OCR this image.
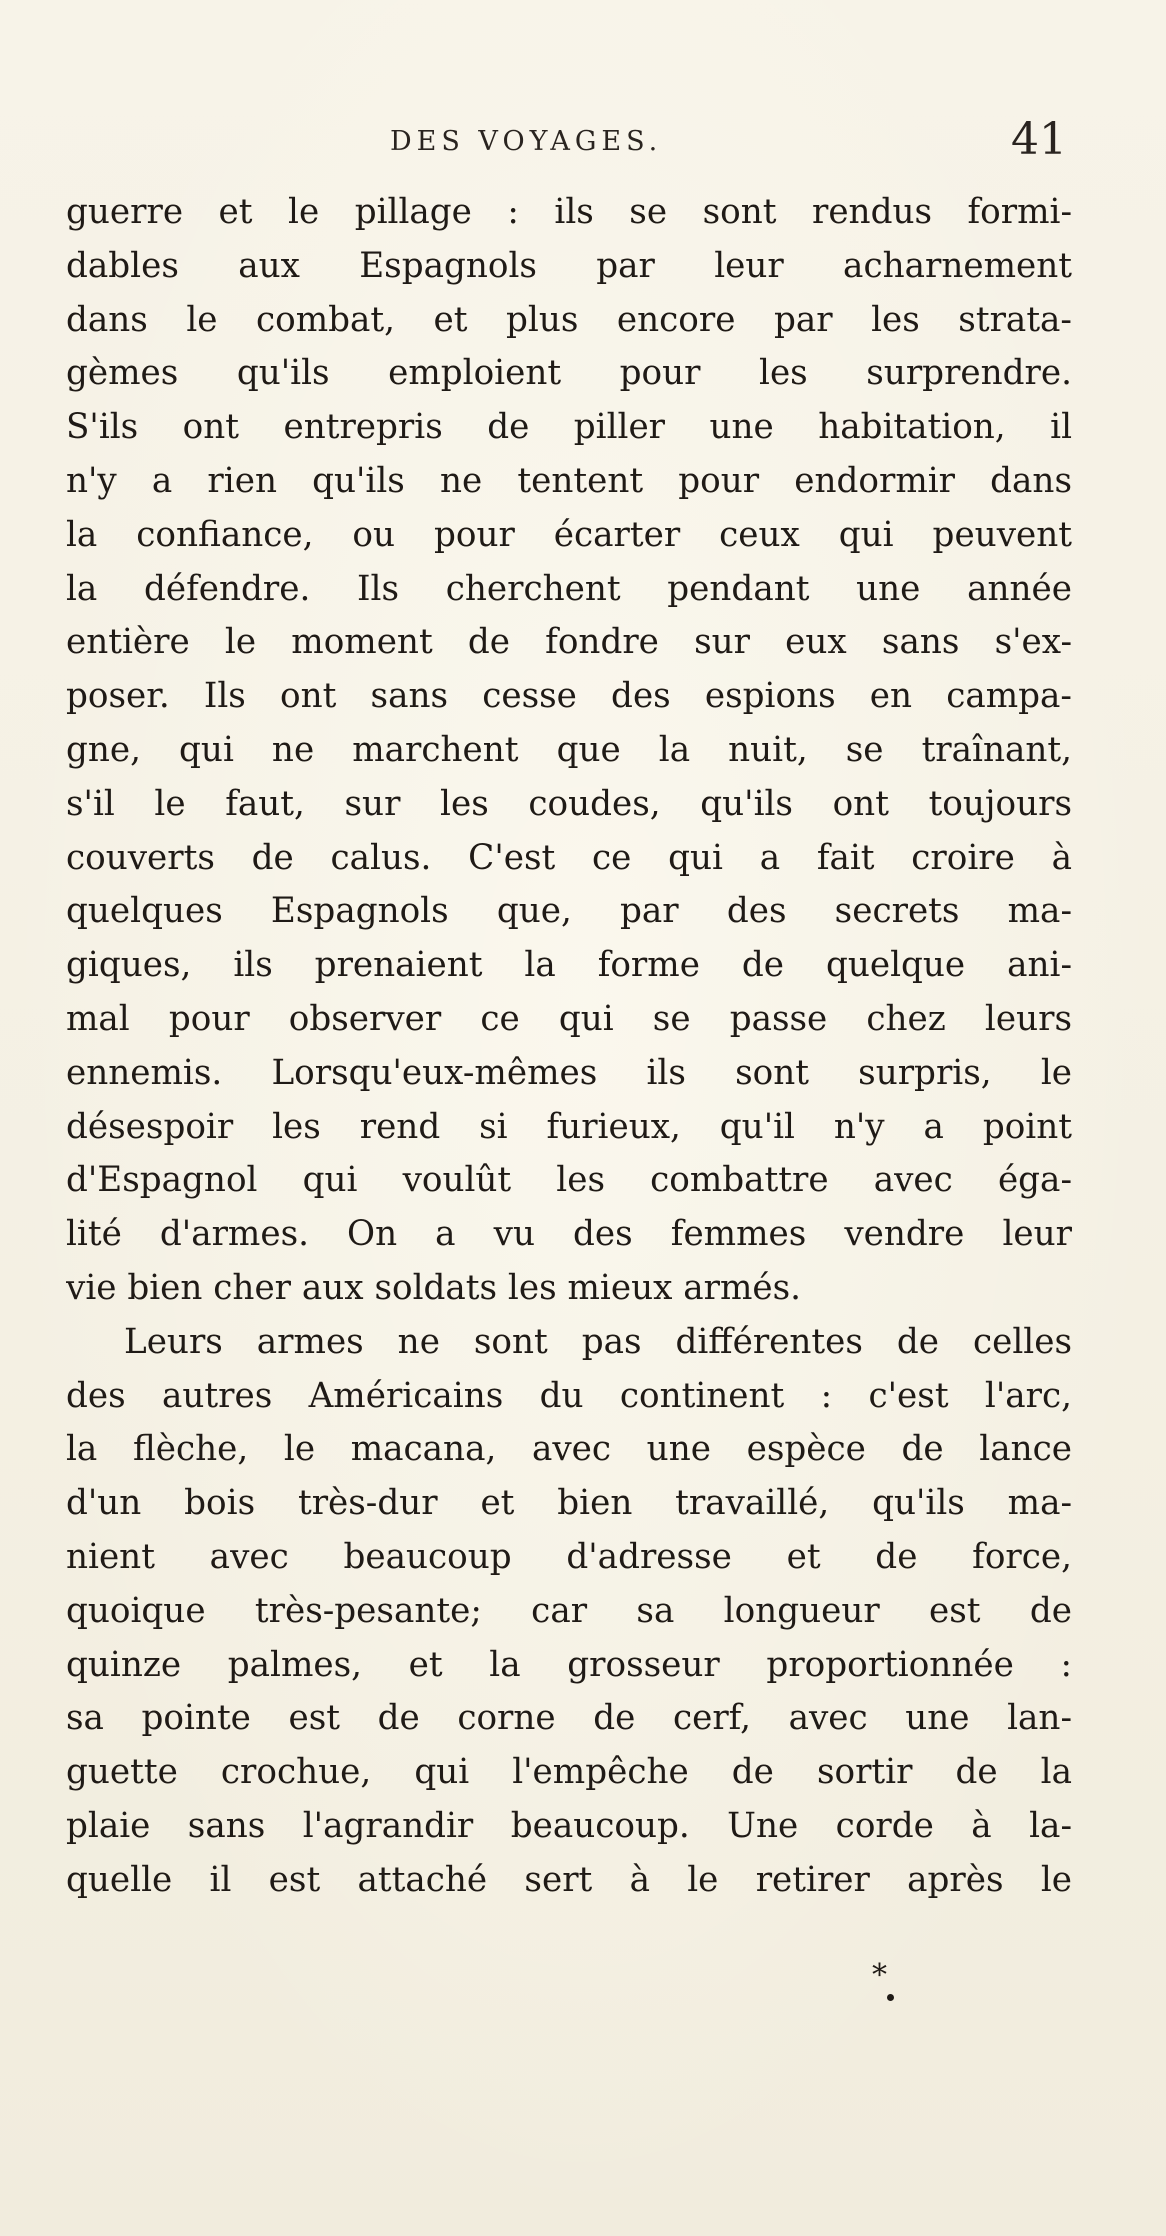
DES VOYAGES.	41
guerre et le pillage : ils se sont rendus formi-
dables aux Espagnols par leur acharnement
dans le combat, et plus encore par les strata-
gèmes qu'ils emploient pour les surprendre.
S'ils ont entrepris de piller une habitation, il
n'y a rien qu'ils ne tentent pour endormir dans
la confiance, ou pour écarter ceux qui peuvent
la défendre. Ils cherchent pendant une année
entière le moment de fondre sur eux sans s'ex-
poser. Ils ont sans cesse des espions en campa-
gne, qui ne marchent que la nuit, se traînant,
s'il le faut, sur les coudes, qu'ils ont toujours
couverts de calus. C'est ce qui a fait croire à
quelques Espagnols que, par des secrets ma-
giques, ils prenaient la forme de quelque ani-
mal pour observer ce qui se passe chez leurs
ennemis. Lorsqu'eux-mêmes ils sont surpris, le
désespoir les rend si furieux, qu'il n'y a point
d'Espagnol qui voulût les combattre avec éga-
lité d'armes. On a vu des femmes vendre leur
vie bien cher aux soldats les mieux armés.
Leurs armes ne sont pas différentes de celles
des autres Américains du continent : c'est l'arc,
la flèche, le macana, avec une espèce de lance
d'un bois très-dur et bien travaillé, qu'ils ma-
nient avec beaucoup d'adresse et de force,
quoique très-pesante; car sa longueur est de
quinze palmes, et la grosseur proportionnée :
sa pointe est de corne de cerf, avec une lan-
guette crochue, qui l'empêche de sortir de la
plaie sans l'agrandir beaucoup. Une corde à la-
quelle il est attaché sert à le retirer après le
*
